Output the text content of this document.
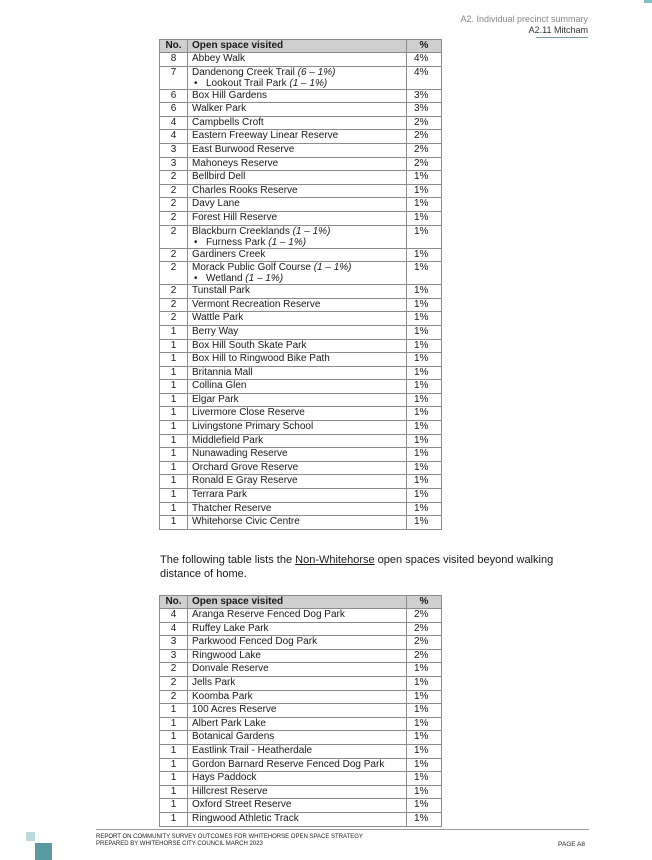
A2. Individual precinct summary
A2.11 Mitcham
No.	Open space visited	%
8	Abbey Walk	4%
7	Dandenong Creek Trail (6 – 1%)
• Lookout Trail Park (1 – 1%)	4%
6	Box Hill Gardens	3%
6	Walker Park	3%
4	Campbells Croft	2%
4	Eastern Freeway Linear Reserve	2%
3	East Burwood Reserve	2%
3	Mahoneys Reserve	2%
2	Bellbird Dell	1%
2	Charles Rooks Reserve	1%
2	Davy Lane	1%
2	Forest Hill Reserve	1%
2	Blackburn Creeklands (1 – 1%)
• Furness Park (1 – 1%)	1%
2	Gardiners Creek	1%
2	Morack Public Golf Course (1 – 1%)
• Wetland (1 – 1%)	1%
2	Tunstall Park	1%
2	Vermont Recreation Reserve	1%
2	Wattle Park	1%
1	Berry Way	1%
1	Box Hill South Skate Park	1%
1	Box Hill to Ringwood Bike Path	1%
1	Britannia Mall	1%
1	Collina Glen	1%
1	Elgar Park	1%
1	Livermore Close Reserve	1%
1	Livingstone Primary School	1%
1	Middlefield Park	1%
1	Nunawading Reserve	1%
1	Orchard Grove Reserve	1%
1	Ronald E Gray Reserve	1%
1	Terrara Park	1%
1	Thatcher Reserve	1%
1	Whitehorse Civic Centre	1%
The following table lists the Non-Whitehorse open spaces visited beyond walking distance of home.
No.	Open space visited	%
4	Aranga Reserve Fenced Dog Park	2%
4	Ruffey Lake Park	2%
3	Parkwood Fenced Dog Park	2%
3	Ringwood Lake	2%
2	Donvale Reserve	1%
2	Jells Park	1%
2	Koomba Park	1%
1	100 Acres Reserve	1%
1	Albert Park Lake	1%
1	Botanical Gardens	1%
1	Eastlink Trail - Heatherdale	1%
1	Gordon Barnard Reserve Fenced Dog Park	1%
1	Hays Paddock	1%
1	Hillcrest Reserve	1%
1	Oxford Street Reserve	1%
1	Ringwood Athletic Track	1%
REPORT ON COMMUNITY SURVEY OUTCOMES FOR WHITEHORSE OPEN SPACE STRATEGY
PREPARED BY WHITEHORSE CITY COUNCIL MARCH 2023	PAGE A8
